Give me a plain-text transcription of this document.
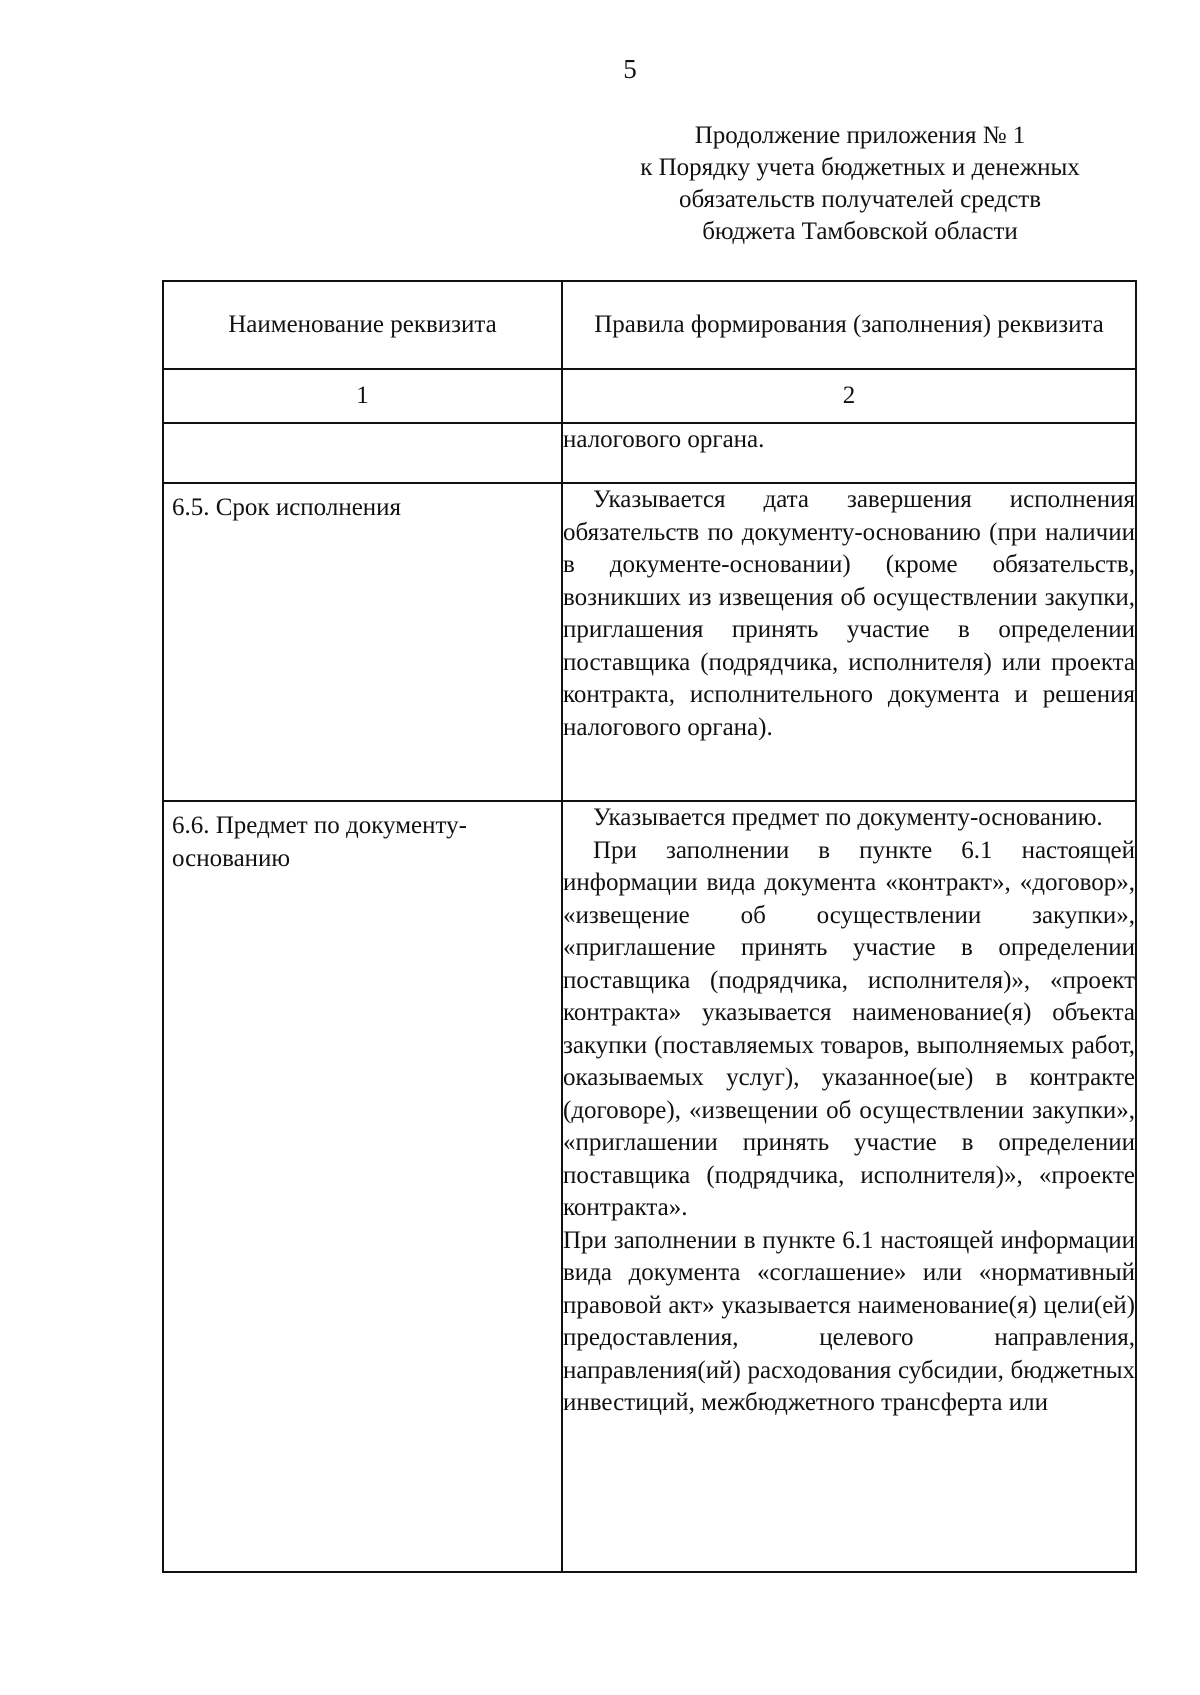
5
Продолжение приложения № 1
к Порядку учета бюджетных и денежных
обязательств получателей средств
бюджета Тамбовской области
Наименование реквизита	Правила формирования (заполнения) реквизита

1	2

	налогового органа.

6.5. Срок исполнения	Указывается дата завершения исполнения обязательств по документу-основанию (при наличии в документе-основании) (кроме обязательств, возникших из извещения об осуществлении закупки, приглашения принять участие в определении поставщика (подрядчика, исполнителя) или проекта контракта, исполнительного документа и решения налогового органа).

6.6. Предмет по документу-основанию	Указывается предмет по документу-основанию.

При заполнении в пункте 6.1 настоящей информации вида документа «контракт», «договор», «извещение об осуществлении закупки», «приглашение принять участие в определении поставщика (подрядчика, исполнителя)», «проект контракта» указывается наименование(я) объекта закупки (поставляемых товаров, выполняемых работ, оказываемых услуг), указанное(ые) в контракте (договоре), «извещении об осуществлении закупки», «приглашении принять участие в определении поставщика (подрядчика, исполнителя)», «проекте контракта».

При заполнении в пункте 6.1 настоящей информации вида документа «соглашение» или «нормативный правовой акт» указывается наименование(я) цели(ей) предоставления, целевого направления, направления(ий) расходования субсидии, бюджетных инвестиций, межбюджетного трансферта или
